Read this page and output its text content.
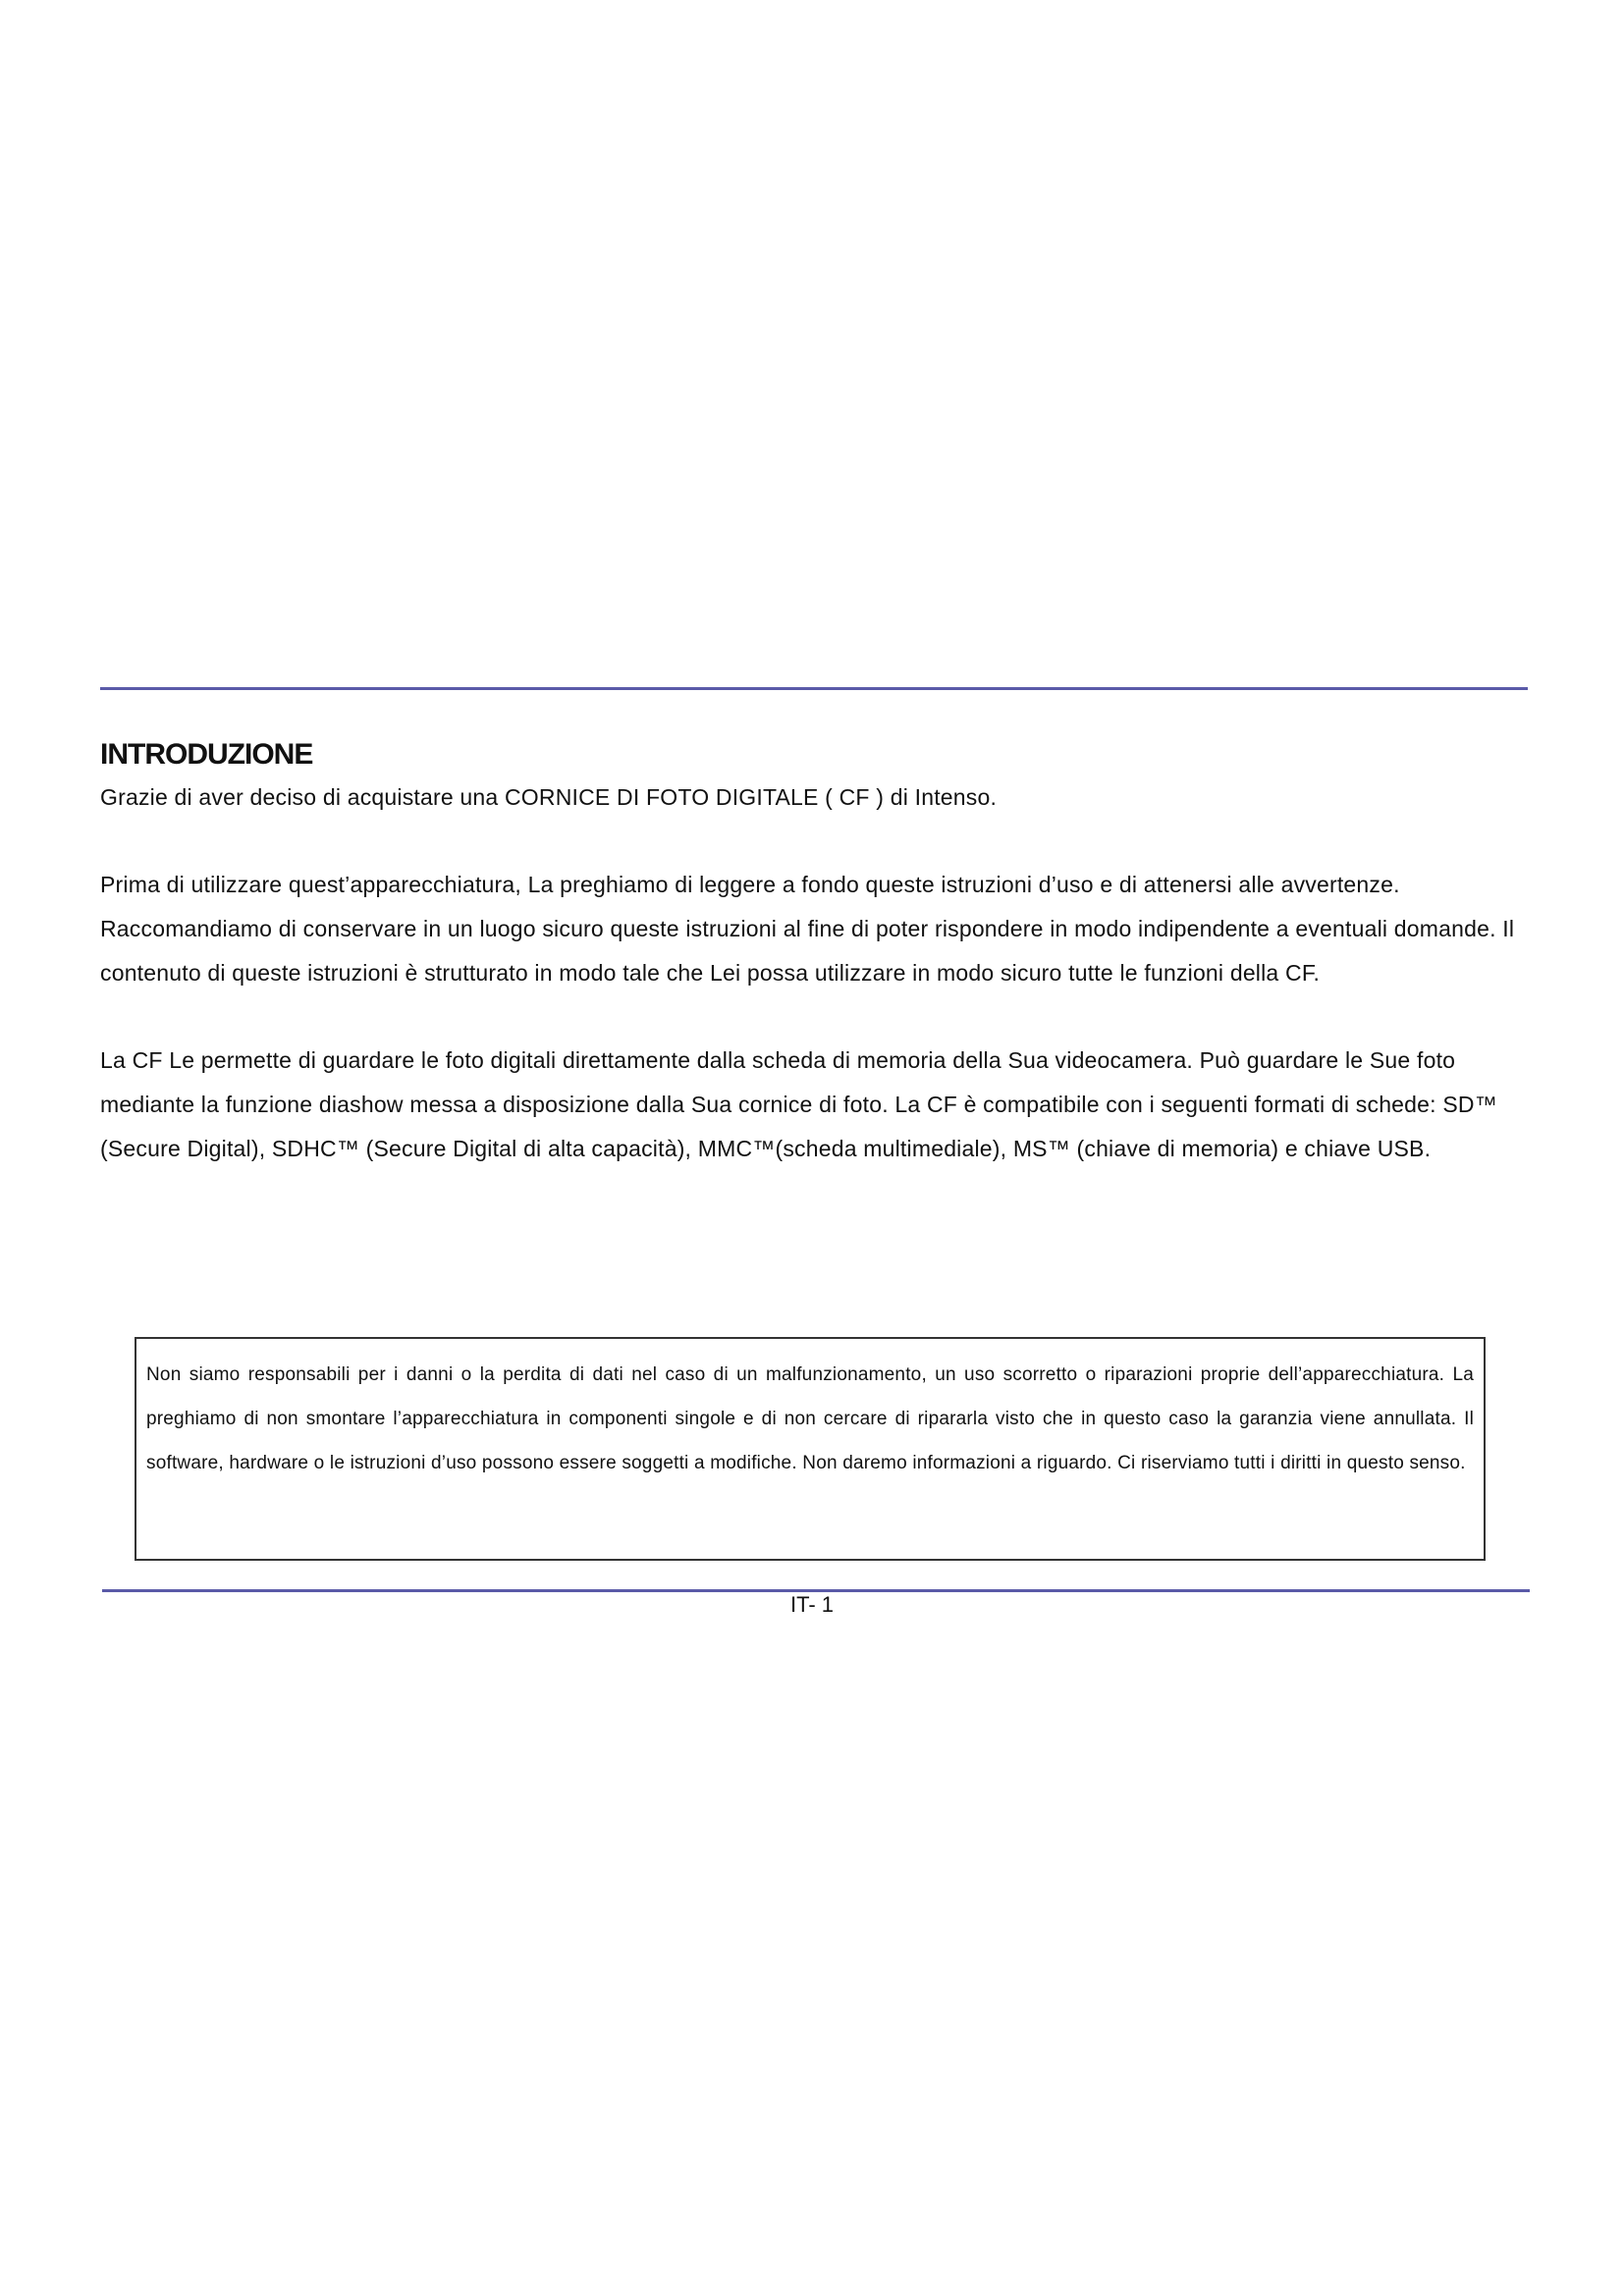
INTRODUZIONE

Grazie di aver deciso di acquistare una CORNICE DI FOTO DIGITALE ( CF ) di Intenso.

Prima di utilizzare quest’apparecchiatura, La preghiamo di leggere a fondo queste istruzioni d’uso e di attenersi alle avvertenze. Raccomandiamo di conservare in un luogo sicuro queste istruzioni al fine di poter rispondere in modo indipendente a eventuali domande. Il contenuto di queste istruzioni è strutturato in modo tale che Lei possa utilizzare in modo sicuro tutte le funzioni della CF.

La CF Le permette di guardare le foto digitali direttamente dalla scheda di memoria della Sua videocamera. Può guardare le Sue foto mediante la funzione diashow messa a disposizione dalla Sua cornice di foto. La CF è compatibile con i seguenti formati di schede: SD™ (Secure Digital), SDHC™ (Secure Digital di alta capacità), MMC™(scheda multimediale), MS™ (chiave di memoria) e chiave USB.

Non siamo responsabili per i danni o la perdita di dati nel caso di un malfunzionamento, un uso scorretto o riparazioni proprie dell’apparecchiatura. La preghiamo di non smontare l’apparecchiatura in componenti singole e di non cercare di ripararla visto che in questo caso la garanzia viene annullata. Il software, hardware o le istruzioni d’uso possono essere soggetti a modifiche. Non daremo informazioni a riguardo. Ci riserviamo tutti i diritti in questo senso.

IT- 1
